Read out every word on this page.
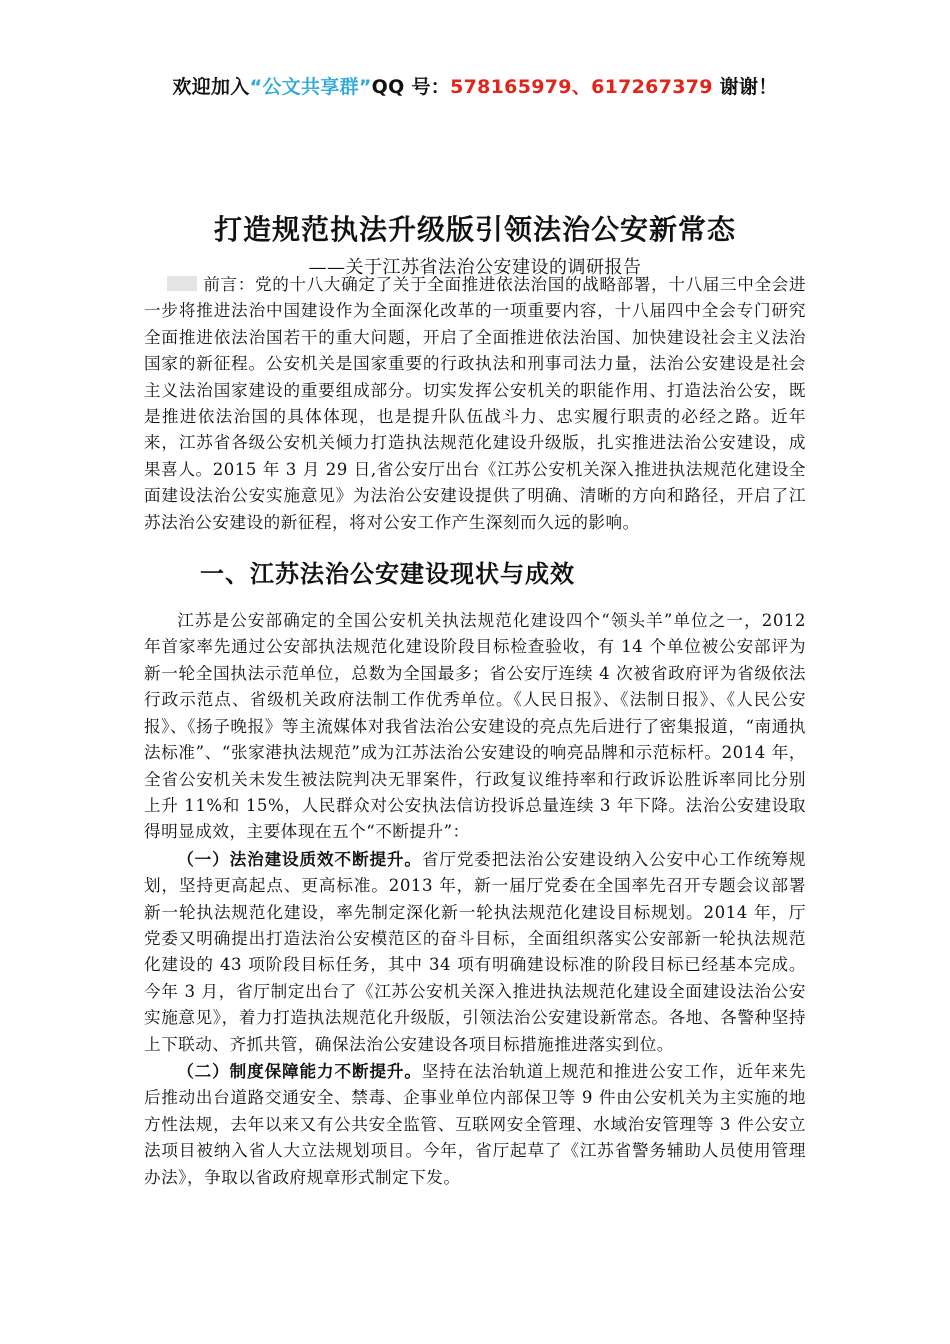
欢迎加入“公文共享群”QQ 号：578165979、617267379 谢谢！
打造规范执法升级版引领法治公安新常态
——关于江苏省法治公安建设的调研报告

前言：党的十八大确定了关于全面推进依法治国的战略部署，十八届三中全会进一步将推进法治中国建设作为全面深化改革的一项重要内容，十八届四中全会专门研究全面推进依法治国若干的重大问题，开启了全面推进依法治国、加快建设社会主义法治国家的新征程。公安机关是国家重要的行政执法和刑事司法力量，法治公安建设是社会主义法治国家建设的重要组成部分。切实发挥公安机关的职能作用、打造法治公安，既是推进依法治国的具体体现，也是提升队伍战斗力、忠实履行职责的必经之路。近年来，江苏省各级公安机关倾力打造执法规范化建设升级版，扎实推进法治公安建设，成果喜人。2015 年 3 月 29 日,省公安厅出台《江苏公安机关深入推进执法规范化建设全面建设法治公安实施意见》为法治公安建设提供了明确、清晰的方向和路径，开启了江苏法治公安建设的新征程，将对公安工作产生深刻而久远的影响。

一、江苏法治公安建设现状与成效

江苏是公安部确定的全国公安机关执法规范化建设四个“领头羊”单位之一，2012 年首家率先通过公安部执法规范化建设阶段目标检查验收，有 14 个单位被公安部评为新一轮全国执法示范单位，总数为全国最多；省公安厅连续 4 次被省政府评为省级依法行政示范点、省级机关政府法制工作优秀单位。《人民日报》、《法制日报》、《人民公安报》、《扬子晚报》等主流媒体对我省法治公安建设的亮点先后进行了密集报道，“南通执法标准”、“张家港执法规范”成为江苏法治公安建设的响亮品牌和示范标杆。2014 年，全省公安机关未发生被法院判决无罪案件，行政复议维持率和行政诉讼胜诉率同比分别上升 11%和 15%，人民群众对公安执法信访投诉总量连续 3 年下降。法治公安建设取得明显成效，主要体现在五个“不断提升”：

（一）法治建设质效不断提升。省厅党委把法治公安建设纳入公安中心工作统筹规划，坚持更高起点、更高标准。2013 年，新一届厅党委在全国率先召开专题会议部署新一轮执法规范化建设，率先制定深化新一轮执法规范化建设目标规划。2014 年，厅党委又明确提出打造法治公安模范区的奋斗目标，全面组织落实公安部新一轮执法规范化建设的 43 项阶段目标任务，其中 34 项有明确建设标准的阶段目标已经基本完成。今年 3 月，省厅制定出台了《江苏公安机关深入推进执法规范化建设全面建设法治公安实施意见》，着力打造执法规范化升级版，引领法治公安建设新常态。各地、各警种坚持上下联动、齐抓共管，确保法治公安建设各项目标措施推进落实到位。

（二）制度保障能力不断提升。坚持在法治轨道上规范和推进公安工作，近年来先后推动出台道路交通安全、禁毒、企事业单位内部保卫等 9 件由公安机关为主实施的地方性法规，去年以来又有公共安全监管、互联网安全管理、水域治安管理等 3 件公安立法项目被纳入省人大立法规划项目。今年，省厅起草了《江苏省警务辅助人员使用管理办法》，争取以省政府规章形式制定下发。
